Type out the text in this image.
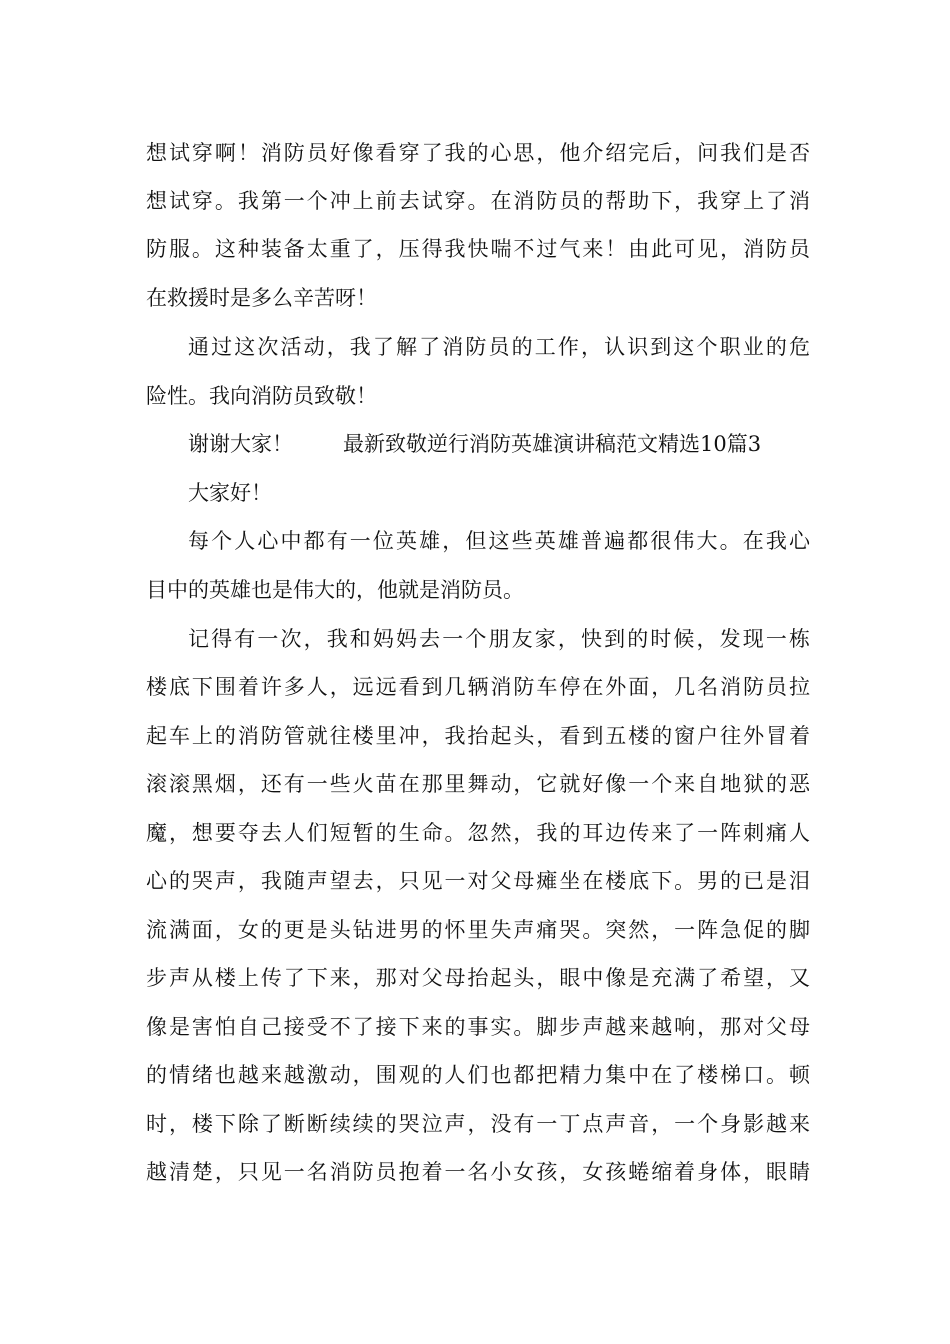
想试穿啊！消防员好像看穿了我的心思，他介绍完后，问我们是否
想试穿。我第一个冲上前去试穿。在消防员的帮助下，我穿上了消
防服。这种装备太重了，压得我快喘不过气来！由此可见，消防员
在救援时是多么辛苦呀！
通过这次活动，我了解了消防员的工作，认识到这个职业的危
险性。我向消防员致敬！
谢谢大家！ 最新致敬逆行消防英雄演讲稿范文精选10篇3
大家好！
每个人心中都有一位英雄，但这些英雄普遍都很伟大。在我心
目中的英雄也是伟大的，他就是消防员。
记得有一次，我和妈妈去一个朋友家，快到的时候，发现一栋
楼底下围着许多人，远远看到几辆消防车停在外面，几名消防员拉
起车上的消防管就往楼里冲，我抬起头，看到五楼的窗户往外冒着
滚滚黑烟，还有一些火苗在那里舞动，它就好像一个来自地狱的恶
魔，想要夺去人们短暂的生命。忽然，我的耳边传来了一阵刺痛人
心的哭声，我随声望去，只见一对父母瘫坐在楼底下。男的已是泪
流满面，女的更是头钻进男的怀里失声痛哭。突然，一阵急促的脚
步声从楼上传了下来，那对父母抬起头，眼中像是充满了希望，又
像是害怕自己接受不了接下来的事实。脚步声越来越响，那对父母
的情绪也越来越激动，围观的人们也都把精力集中在了楼梯口。顿
时，楼下除了断断续续的哭泣声，没有一丁点声音，一个身影越来
越清楚，只见一名消防员抱着一名小女孩，女孩蜷缩着身体，眼睛
